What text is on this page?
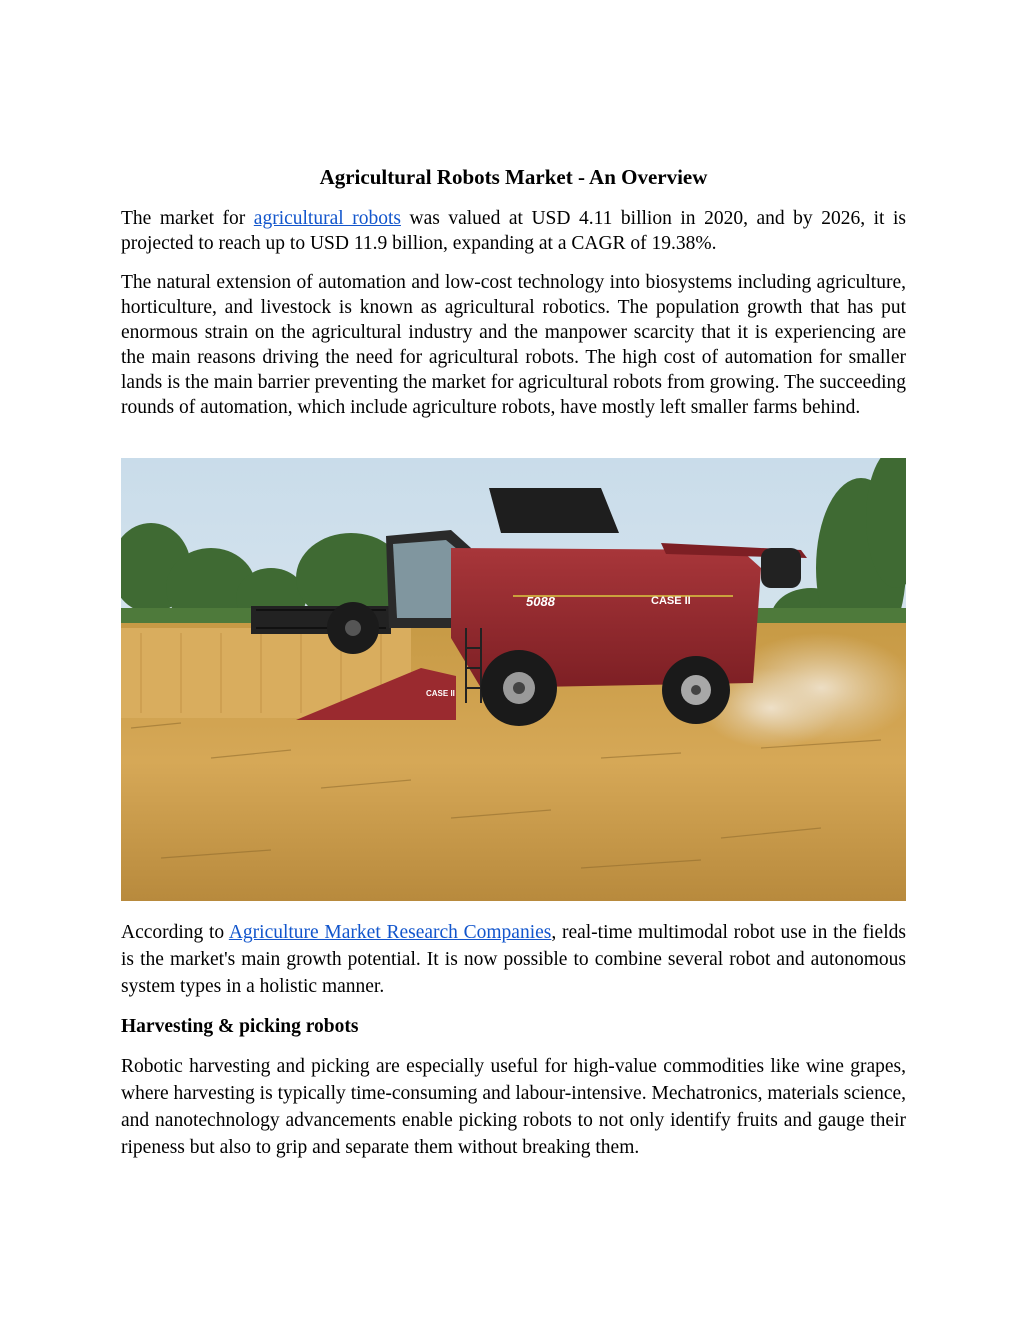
Agricultural Robots Market - An Overview

The market for agricultural robots was valued at USD 4.11 billion in 2020, and by 2026, it is projected to reach up to USD 11.9 billion, expanding at a CAGR of 19.38%.

The natural extension of automation and low-cost technology into biosystems including agriculture, horticulture, and livestock is known as agricultural robotics. The population growth that has put enormous strain on the agricultural industry and the manpower scarcity that it is experiencing are the main reasons driving the need for agricultural robots. The high cost of automation for smaller lands is the main barrier preventing the market for agricultural robots from growing. The succeeding rounds of automation, which include agriculture robots, have mostly left smaller farms behind.

CASE II
5088	CASE II

According to Agriculture Market Research Companies, real-time multimodal robot use in the fields is the market's main growth potential. It is now possible to combine several robot and autonomous system types in a holistic manner.

Harvesting & picking robots

Robotic harvesting and picking are especially useful for high-value commodities like wine grapes, where harvesting is typically time-consuming and labour-intensive. Mechatronics, materials science, and nanotechnology advancements enable picking robots to not only identify fruits and gauge their ripeness but also to grip and separate them without breaking them.
